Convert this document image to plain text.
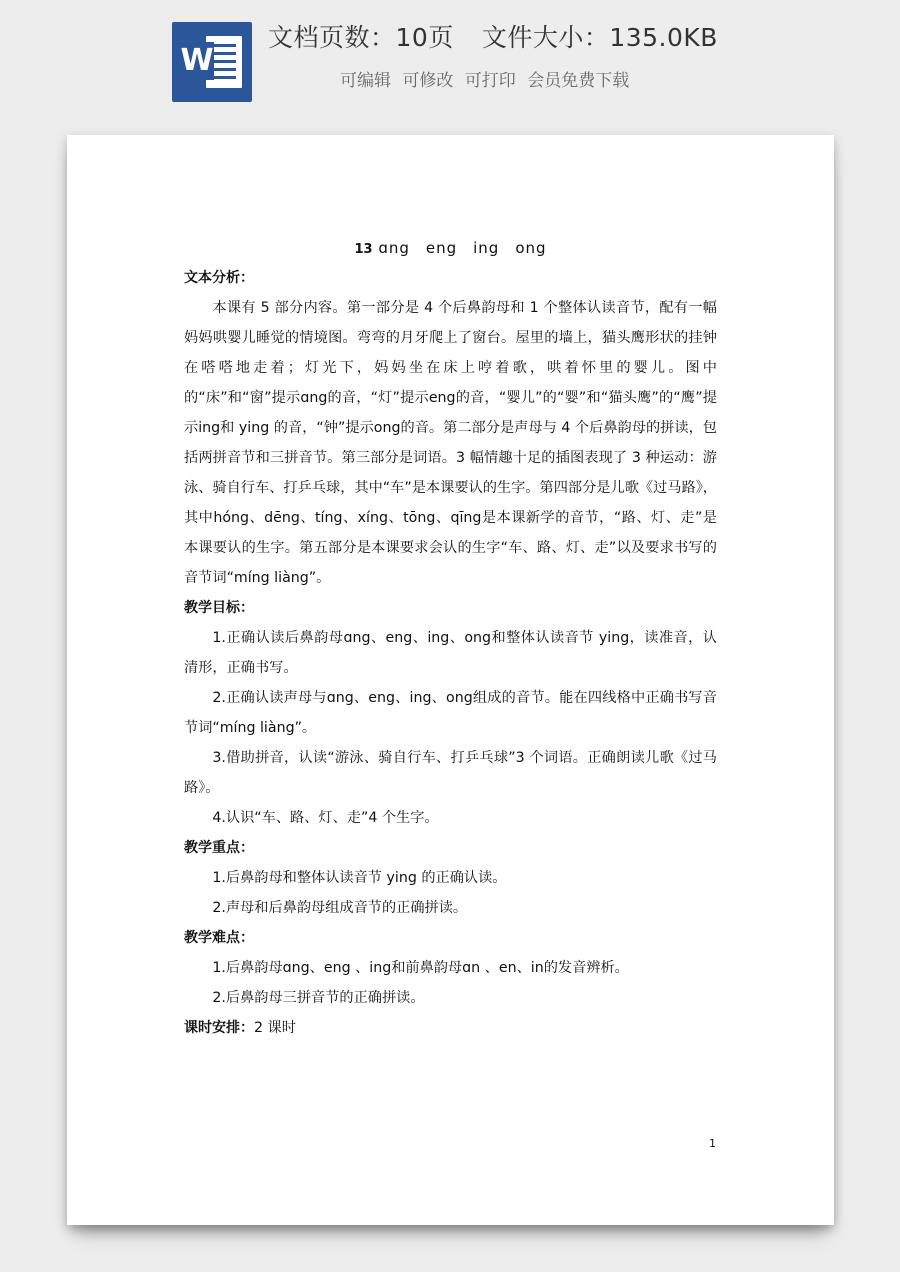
W
文档页数：10页 文件大小：135.0KB
可编辑 可修改 可打印 会员免费下载
13 ɑng　eng　ing　ong
文本分析：
本课有 5 部分内容。第一部分是 4 个后鼻韵母和 1 个整体认读音节，配有一幅妈妈哄婴儿睡觉的情境图。弯弯的月牙爬上了窗台。屋里的墙上，猫头鹰形状的挂钟在嗒嗒地走着；灯光下，妈妈坐在床上哼着歌，哄着怀里的婴儿。图中的“床”和“窗”提示ɑng的音，“灯”提示eng的音，“婴儿”的“婴”和“猫头鹰”的“鹰”提示ing和 ying 的音，“钟”提示ong的音。第二部分是声母与 4 个后鼻韵母的拼读，包括两拼音节和三拼音节。第三部分是词语。3 幅情趣十足的插图表现了 3 种运动：游泳、骑自行车、打乒乓球，其中“车”是本课要认的生字。第四部分是儿歌《过马路》，其中hóng、dēng、tíng、xíng、tōng、qīng是本课新学的音节，“路、灯、走”是本课要认的生字。第五部分是本课要求会认的生字“车、路、灯、走”以及要求书写的音节词“míng liàng”。
教学目标：
1.正确认读后鼻韵母ɑng、eng、ing、ong和整体认读音节 ying，读准音，认清形，正确书写。
2.正确认读声母与ɑng、eng、ing、ong组成的音节。能在四线格中正确书写音节词“míng liàng”。
3.借助拼音，认读“游泳、骑自行车、打乒乓球”3 个词语。正确朗读儿歌《过马路》。
4.认识“车、路、灯、走”4 个生字。
教学重点：
1.后鼻韵母和整体认读音节 ying 的正确认读。
2.声母和后鼻韵母组成音节的正确拼读。
教学难点：
1.后鼻韵母ɑng、eng 、ing和前鼻韵母ɑn 、en、in的发音辨析。
2.后鼻韵母三拼音节的正确拼读。
课时安排：2 课时
1
